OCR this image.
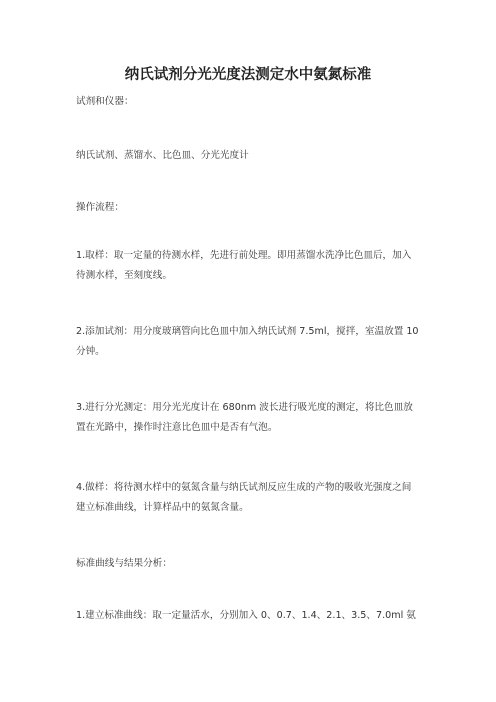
纳氏试剂分光光度法测定水中氨氮标准
试剂和仪器：
纳氏试剂、蒸馏水、比色皿、分光光度计
操作流程：
1.取样：取一定量的待测水样，先进行前处理。即用蒸馏水洗净比色皿后，加入
待测水样，至刻度线。
2.添加试剂：用分度玻璃管向比色皿中加入纳氏试剂 7.5ml，搅拌，室温放置 10
分钟。
3.进行分光测定：用分光光度计在 680nm 波长进行吸光度的测定，将比色皿放
置在光路中，操作时注意比色皿中是否有气泡。
4.做样：将待测水样中的氨氮含量与纳氏试剂反应生成的产物的吸收光强度之间
建立标准曲线，计算样品中的氨氮含量。
标准曲线与结果分析：
1.建立标准曲线：取一定量活水，分别加入 0、0.7、1.4、2.1、3.5、7.0ml 氨
